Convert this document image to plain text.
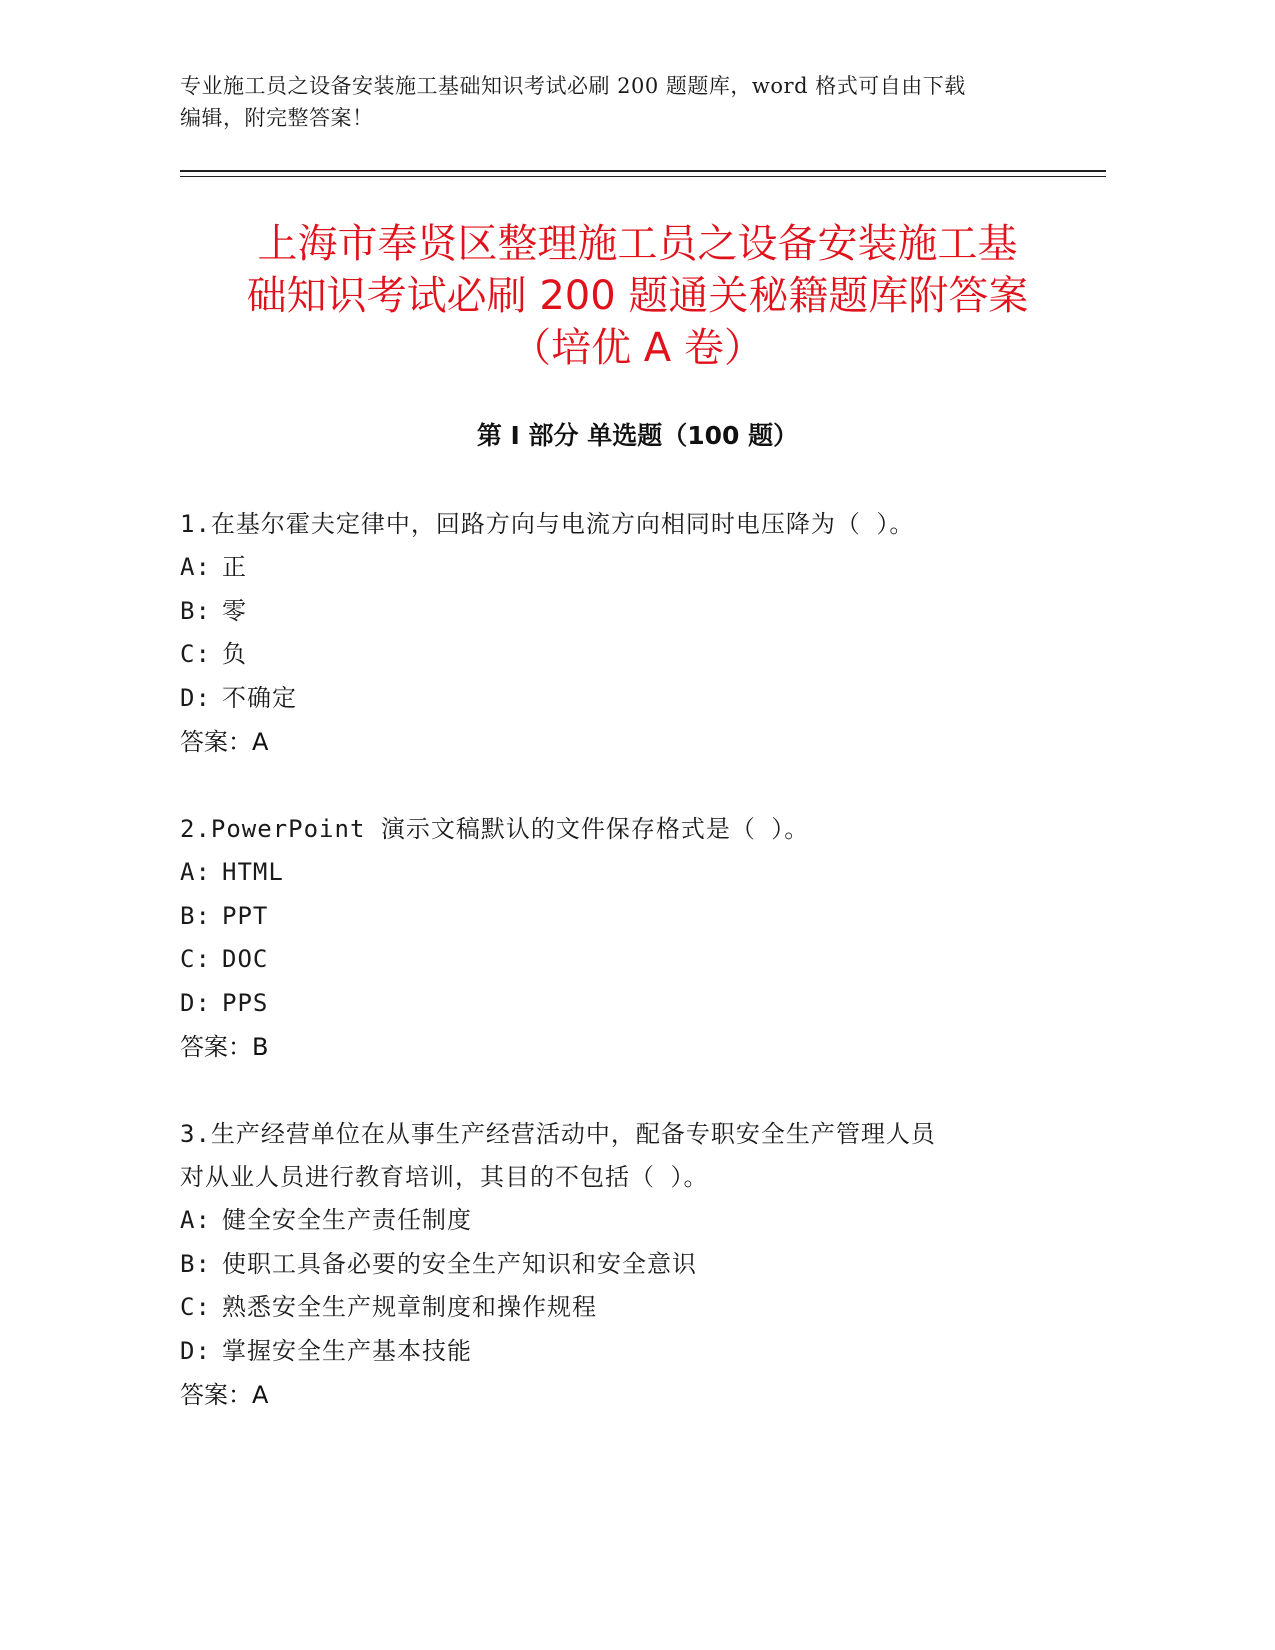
专业施工员之设备安装施工基础知识考试必刷 200 题题库，word 格式可自由下载
编辑，附完整答案！
上海市奉贤区整理施工员之设备安装施工基
础知识考试必刷 200 题通关秘籍题库附答案
（培优 A 卷）
第 I 部分 单选题（100 题）

1.在基尔霍夫定律中，回路方向与电流方向相同时电压降为（ ）。

A: 正

B: 零

C: 负

D: 不确定

答案：A

2.PowerPoint 演示文稿默认的文件保存格式是（ ）。

A: HTML

B: PPT

C: DOC

D: PPS

答案：B

3.生产经营单位在从事生产经营活动中，配备专职安全生产管理人员

对从业人员进行教育培训，其目的不包括（ ）。

A: 健全安全生产责任制度

B: 使职工具备必要的安全生产知识和安全意识

C: 熟悉安全生产规章制度和操作规程

D: 掌握安全生产基本技能

答案：A
